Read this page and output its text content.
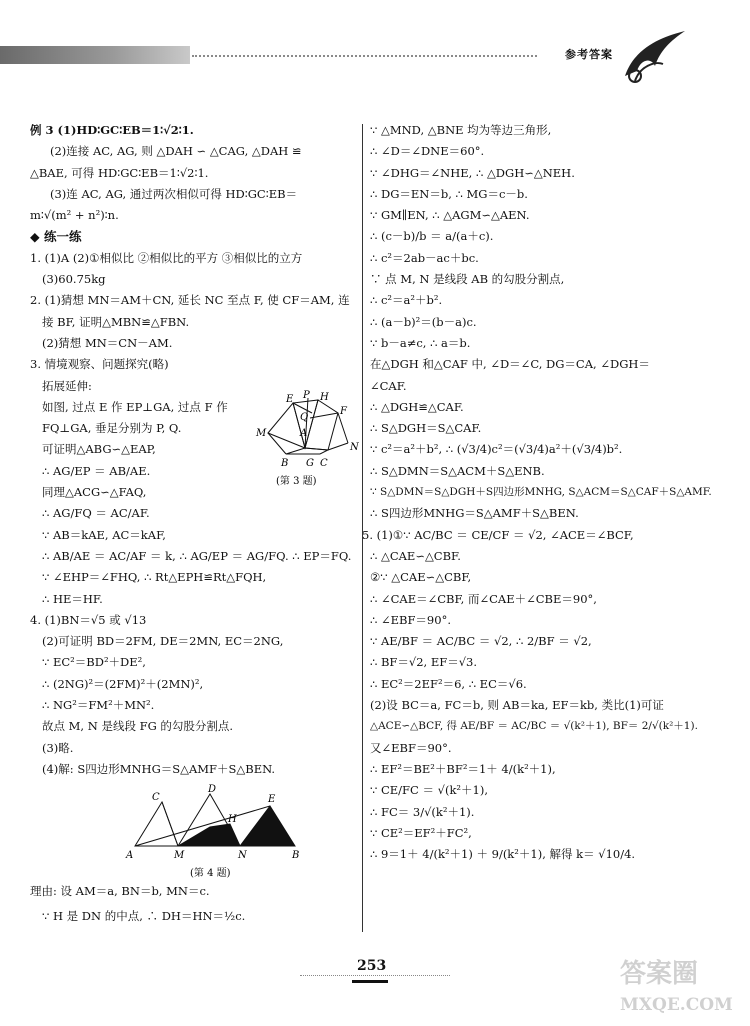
参考答案
例 3 (1)HD∶GC∶EB＝1∶√2∶1.
(2)连接 AC, AG, 则 △DAH ∽ △CAG, △DAH ≌
△BAE, 可得 HD∶GC∶EB＝1∶√2∶1.
(3)连 AC, AG, 通过两次相似可得 HD∶GC∶EB＝
m∶√(m² + n²)∶n.
◆ 练一练
1. (1)A (2)①相似比 ②相似比的平方 ③相似比的立方
(3)60.75kg
2. (1)猜想 MN＝AM＋CN, 延长 NC 至点 F, 使 CF＝AM, 连
接 BF, 证明△MBN≌△FBN.
(2)猜想 MN＝CN－AM.
3. 情境观察、问题探究(略)
拓展延伸:
如图, 过点 E 作 EP⊥GA, 过点 F 作
FQ⊥GA, 垂足分别为 P, Q.
可证明△ABG∽△EAP,
∴ AG/EP ＝ AB/AE.
同理△ACG∽△FAQ,
∴ AG/FQ ＝ AC/AF.
∵ AB＝kAE, AC＝kAF,
∴ AB/AE ＝ AC/AF ＝ k, ∴ AG/EP ＝ AG/FQ. ∴ EP＝FQ.
∵ ∠EHP＝∠FHQ, ∴ Rt△EPH≌Rt△FQH,
∴ HE＝HF.
4. (1)BN＝√5 或 √13
(2)可证明 BD＝2FM, DE＝2MN, EC＝2NG,
∵ EC²＝BD²＋DE²,
∴ (2NG)²＝(2FM)²＋(2MN)²,
∴ NG²＝FM²＋MN².
故点 M, N 是线段 FG 的勾股分割点.
(3)略.
(4)解: S四边形MNHG＝S△AMF＋S△BEN.
E P H
Q
F
M	A
N
B G C
(第 3 题)
C
D
H
E
A	M	N	B
(第 4 题)
理由: 设 AM＝a, BN＝b, MN＝c.
∵ H 是 DN 的中点, ∴ DH＝HN＝½c.
∵ △MND, △BNE 均为等边三角形,
∴ ∠D＝∠DNE＝60°.
∵ ∠DHG＝∠NHE, ∴ △DGH∽△NEH.
∴ DG＝EN＝b, ∴ MG＝c－b.
∵ GM∥EN, ∴ △AGM∽△AEN.
∴ (c－b)/b ＝ a/(a＋c).
∴ c²＝2ab－ac＋bc.
∵ 点 M, N 是线段 AB 的勾股分割点,
∴ c²＝a²＋b².
∴ (a－b)²＝(b－a)c.
∵ b－a≠c, ∴ a＝b.
在△DGH 和△CAF 中, ∠D＝∠C, DG＝CA, ∠DGH＝
∠CAF.
∴ △DGH≌△CAF.
∴ S△DGH＝S△CAF.
∵ c²＝a²＋b², ∴ (√3/4)c²＝(√3/4)a²＋(√3/4)b².
∴ S△DMN＝S△ACM＋S△ENB.
∵ S△DMN＝S△DGH＋S四边形MNHG, S△ACM＝S△CAF＋S△AMF.
∴ S四边形MNHG＝S△AMF＋S△BEN.
5. (1)①∵ AC/BC ＝ CE/CF ＝ √2, ∠ACE＝∠BCF,
∴ △CAE∽△CBF.
②∵ △CAE∽△CBF,
∴ ∠CAE＝∠CBF, 而∠CAE＋∠CBE＝90°,
∴ ∠EBF＝90°.
∵ AE/BF ＝ AC/BC ＝ √2, ∴ 2/BF ＝ √2,
∴ BF＝√2, EF＝√3.
∴ EC²＝2EF²＝6, ∴ EC＝√6.
(2)设 BC＝a, FC＝b, 则 AB＝ka, EF＝kb, 类比(1)可证
△ACE∽△BCF, 得 AE/BF ＝ AC/BC ＝ √(k²＋1), BF＝ 2/√(k²＋1).
又∠EBF＝90°.
∴ EF²＝BE²＋BF²＝1＋ 4/(k²＋1),
∵ CE/FC ＝ √(k²＋1),
∴ FC＝ 3/√(k²＋1).
∵ CE²＝EF²＋FC²,
∴ 9＝1＋ 4/(k²＋1) ＋ 9/(k²＋1), 解得 k＝ √10/4.
253	答案圈
MXQE.COM
